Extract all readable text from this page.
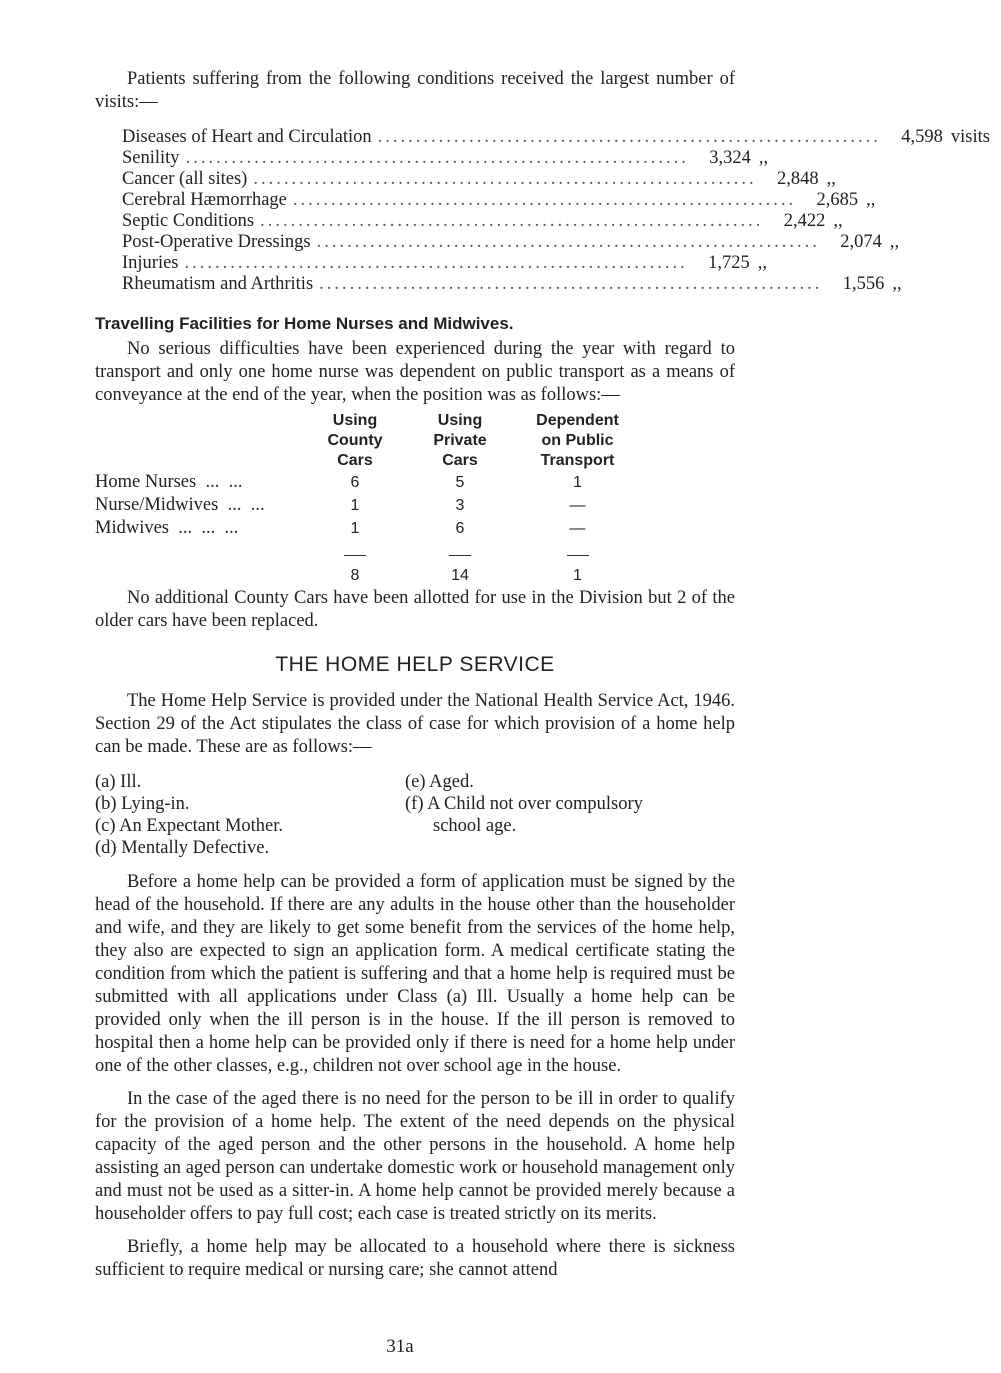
Patients suffering from the following conditions received the largest number of visits:—

Diseases of Heart and Circulation ..................................................................	4,598 visits
Senility ..................................................................	3,324 ,,
Cancer (all sites) ..................................................................	2,848 ,,
Cerebral Hæmorrhage ..................................................................	2,685 ,,
Septic Conditions ..................................................................	2,422 ,,
Post-Operative Dressings ..................................................................	2,074 ,,
Injuries ..................................................................	1,725 ,,
Rheumatism and Arthritis ..................................................................	1,556 ,,
Travelling Facilities for Home Nurses and Midwives.

No serious difficulties have been experienced during the year with regard to transport and only one home nurse was dependent on public transport as a means of conveyance at the end of the year, when the position was as follows:—

	Using
County
Cars	Using
Private
Cars	Dependent
on Public
Transport
Home Nurses  ...  ...	6	5	1
Nurse/Midwives  ...  ...	1	3	—
Midwives  ...  ...  ...	1	6	—

	8	14	1

No additional County Cars have been allotted for use in the Division but 2 of the older cars have been replaced.

THE HOME HELP SERVICE

The Home Help Service is provided under the National Health Service Act, 1946. Section 29 of the Act stipulates the class of case for which provision of a home help can be made. These are as follows:—

(a) Ill.
(b) Lying-in.
(c) An Expectant Mother.
(d) Mentally Defective.
(e) Aged.
(f) A Child not over compulsory
school age.

Before a home help can be provided a form of application must be signed by the head of the household. If there are any adults in the house other than the householder and wife, and they are likely to get some benefit from the services of the home help, they also are expected to sign an application form. A medical certificate stating the condition from which the patient is suffering and that a home help is required must be submitted with all applications under Class (a) Ill. Usually a home help can be provided only when the ill person is in the house. If the ill person is removed to hospital then a home help can be provided only if there is need for a home help under one of the other classes, e.g., children not over school age in the house.

In the case of the aged there is no need for the person to be ill in order to qualify for the provision of a home help. The extent of the need depends on the physical capacity of the aged person and the other persons in the household. A home help assisting an aged person can undertake domestic work or household management only and must not be used as a sitter-in. A home help cannot be provided merely because a householder offers to pay full cost; each case is treated strictly on its merits.

Briefly, a home help may be allocated to a household where there is sickness sufficient to require medical or nursing care; she cannot attend

31a
